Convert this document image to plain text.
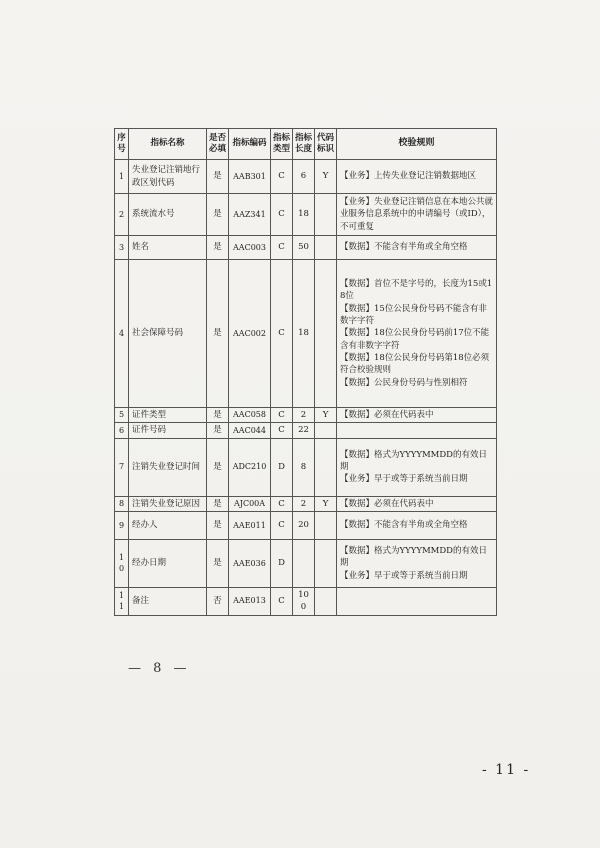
序号	指标名称	是否必填	指标编码	指标类型	指标长度	代码标识	校验规则
1	失业登记注销地行政区划代码	是	AAB301	C	6	Y	【业务】上传失业登记注销数据地区

2	系统流水号	是	AAZ341	C	18		【业务】失业登记注销信息在本地公共就业服务信息系统中的申请编号（或ID），不可重复

3	姓名	是	AAC003	C	50		【数据】不能含有半角或全角空格

4	社会保障号码	是	AAC002	C	18		【数据】首位不是字号的，长度为15或18位
【数据】15位公民身份号码不能含有非数字字符
【数据】18位公民身份号码前17位不能含有非数字字符
【数据】18位公民身份号码第18位必须符合校验规则
【数据】公民身份号码与性别相符

5	证件类型	是	AAC058	C	2	Y	【数据】必须在代码表中

6	证件号码	是	AAC044	C	22		
7	注销失业登记时间	是	ADC210	D	8		【数据】格式为YYYYMMDD的有效日期
【业务】早于或等于系统当前日期

8	注销失业登记原因	是	AJC00A	C	2	Y	【数据】必须在代码表中

9	经办人	是	AAE011	C	20		【数据】不能含有半角或全角空格

10	经办日期	是	AAE036	D			【数据】格式为YYYYMMDD的有效日期
【业务】早于或等于系统当前日期

11	备注	否	AAE013	C	100		
— 8 —
- 11 -
